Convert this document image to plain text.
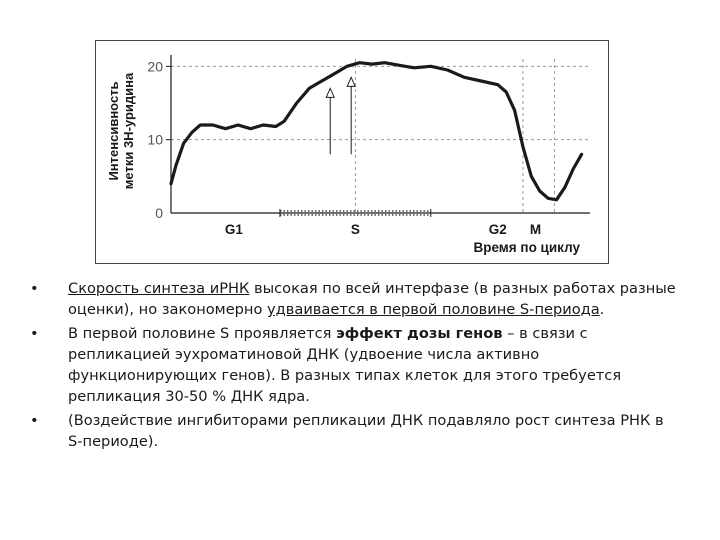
Интенсивность метки 3H-уридина
0
10
20
G1	S	G2 M
Время по циклу
• Скорость синтеза иРНК высокая по всей интерфазе (в разных работах разные оценки), но закономерно удваивается в первой половине S-периода.
• В первой половине S проявляется эффект дозы генов – в связи с репликацией эухроматиновой ДНК (удвоение числа активно функционирующих генов). В разных типах клеток для этого требуется репликация 30-50 % ДНК ядра.
• (Воздействие ингибиторами репликации ДНК подавляло рост синтеза РНК в S-периоде).
